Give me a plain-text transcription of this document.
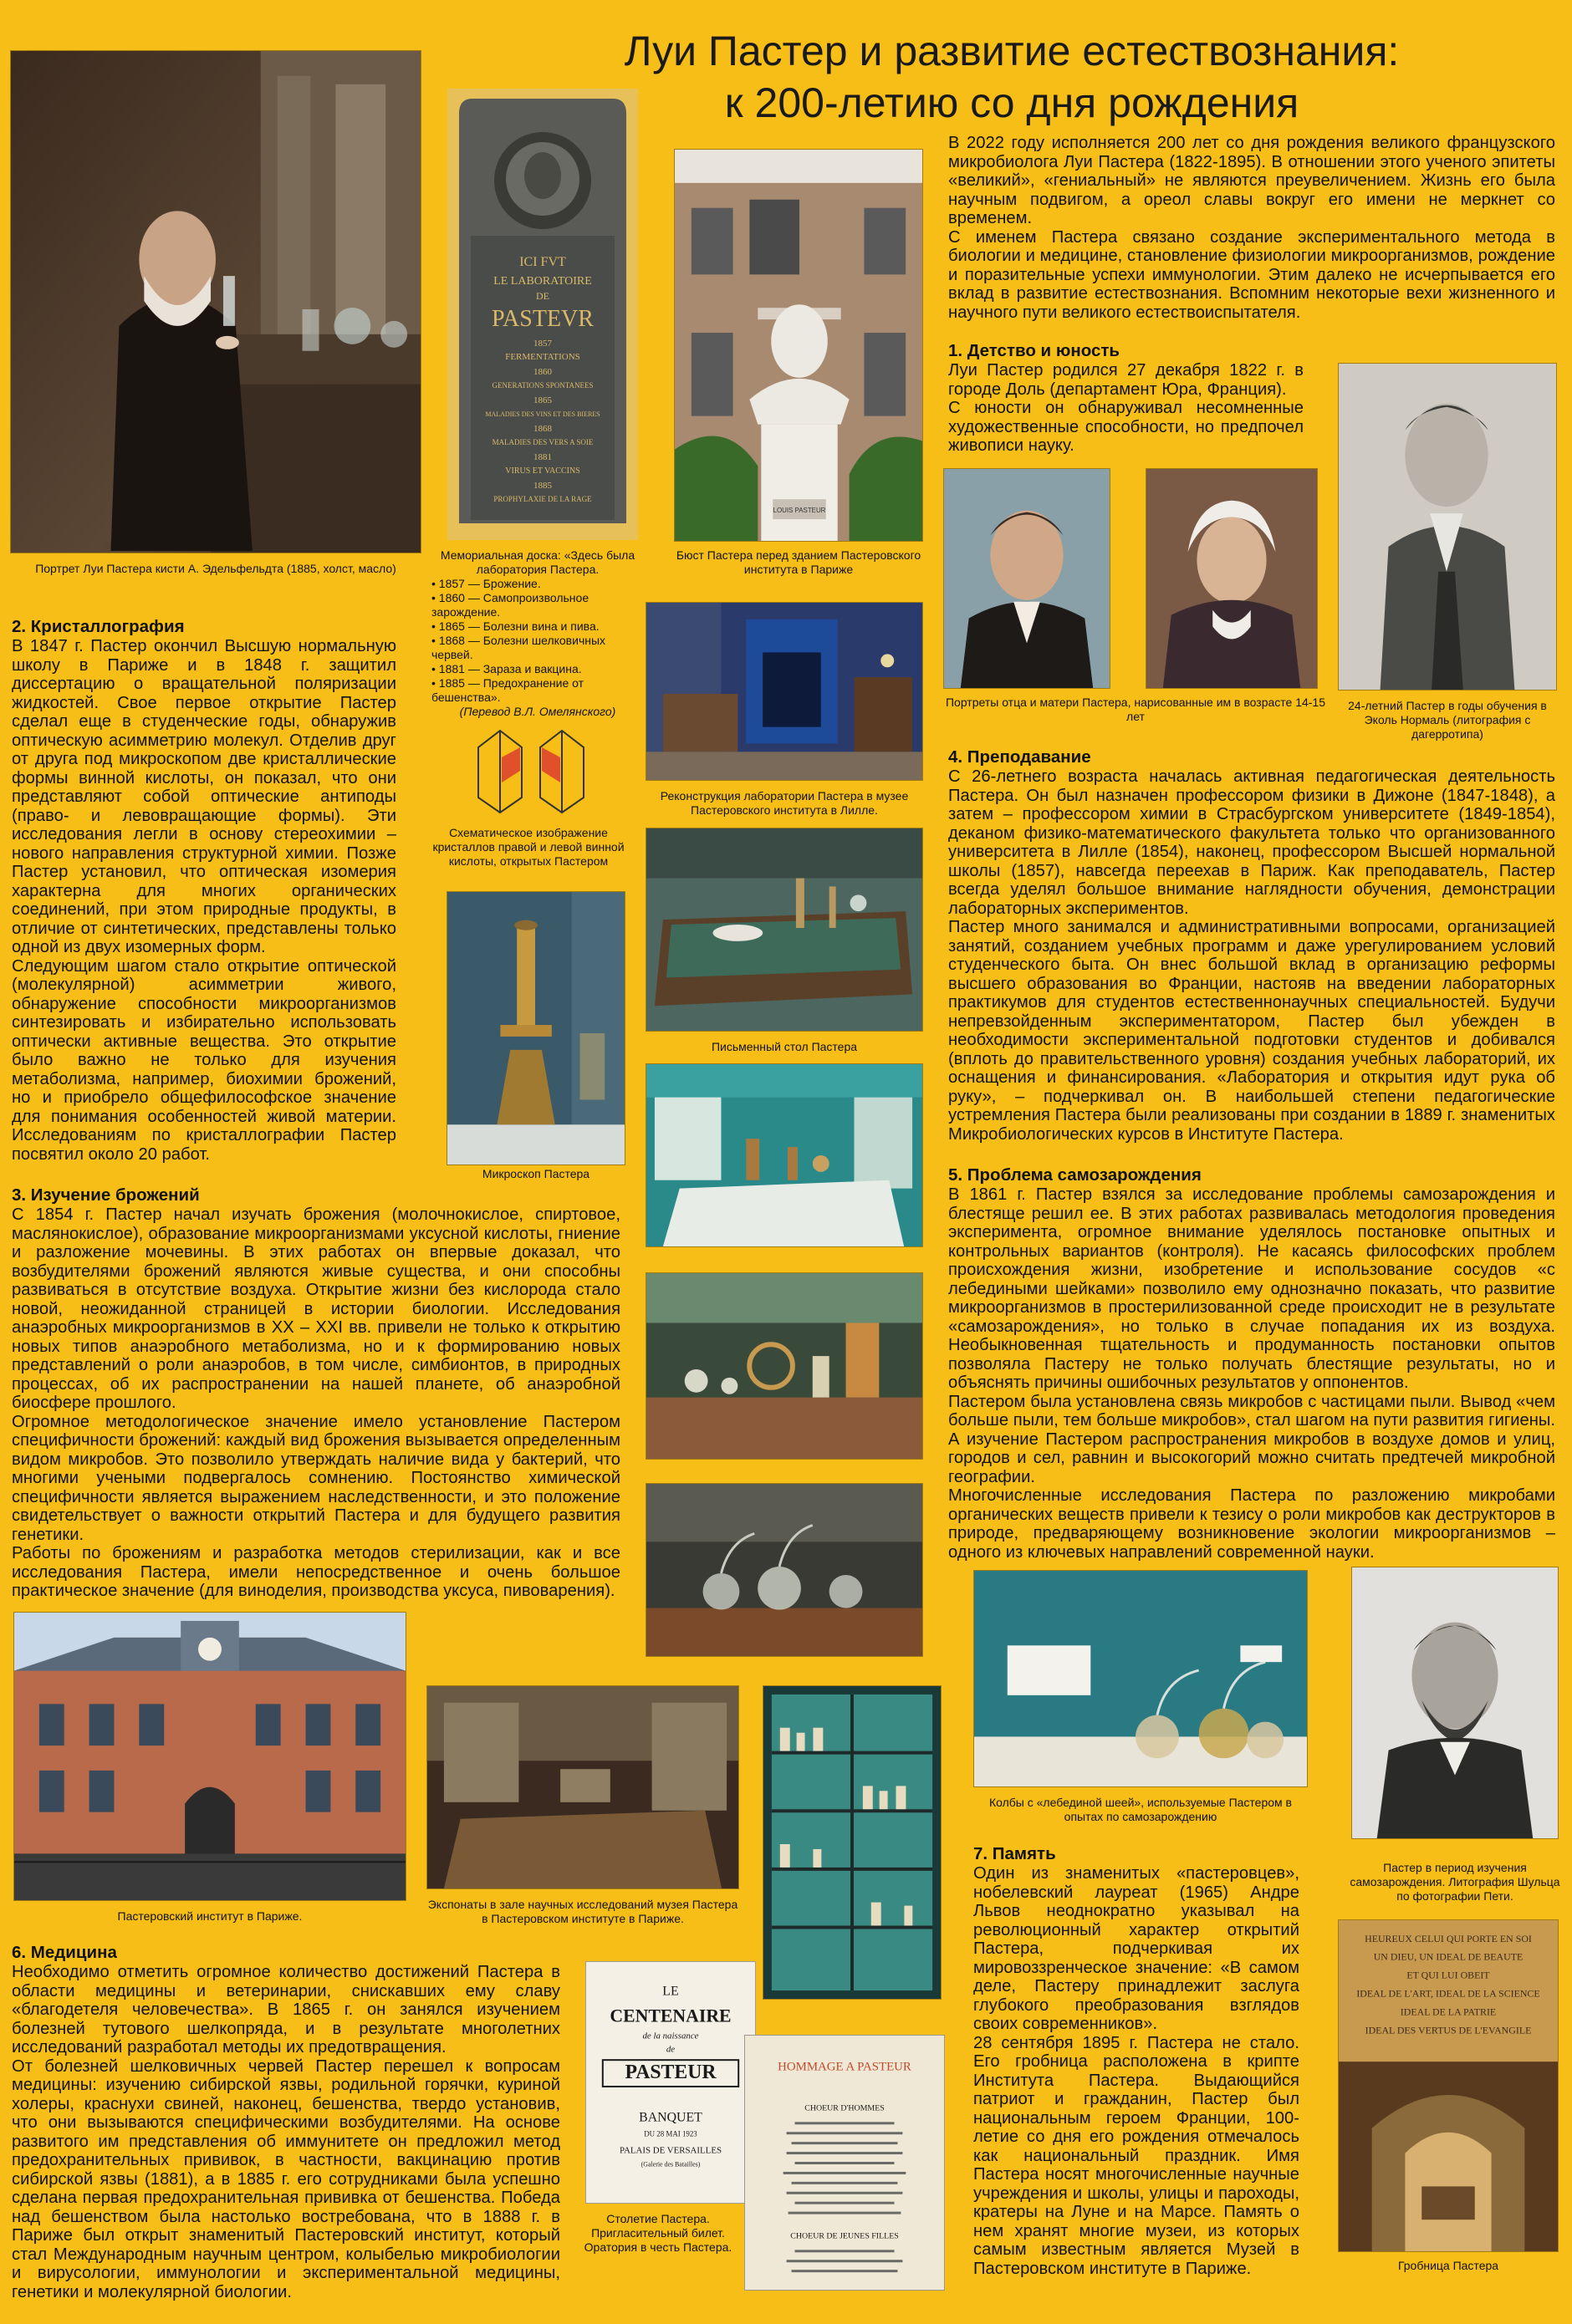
Луи Пастер и развитие естествознания:
к 200-летию со дня рождения
Портрет Луи Пастера кисти А. Эдельфельдта (1885, холст, масло)
ICI FVT
LE LABORATOIRE
DE
PASTEVR
1857
FERMENTATIONS
1860
GENERATIONS SPONTANEES
1865
MALADIES DES VINS ET DES BIERES
1868
MALADIES DES VERS A SOIE
1881
VIRUS ET VACCINS
1885
PROPHYLAXIE DE LA RAGE
Мемориальная доска: «Здесь была лаборатория Пастера.
• 1857 — Брожение.
• 1860 — Самопроизвольное зарождение.
• 1865 — Болезни вина и пива.
• 1868 — Болезни шелковичных червей.
• 1881 — Зараза и вакцина.
• 1885 — Предохранение от бешенства».
(Перевод В.Л. Омелянского)
LOUIS PASTEUR
Бюст Пастера перед зданием Пастеровского института в Париже

В 2022 году исполняется 200 лет со дня рождения великого французского микробиолога Луи Пастера (1822-1895). В отношении этого ученого эпитеты «великий», «гениальный» не являются преувеличением. Жизнь его была научным подвигом, а ореол славы вокруг его имени не меркнет со временем.

С именем Пастера связано создание экспериментального метода в биологии и медицине, становление физиологии микроорганизмов, рождение и поразительные успехи иммунологии. Этим далеко не исчерпывается его вклад в развитие естествознания. Вспомним некоторые вехи жизненного и научного пути великого естествоиспытателя.

1. Детство и юность

Луи Пастер родился 27 декабря 1822 г. в городе Доль (департамент Юра, Франция).

С юности он обнаруживал несомненные художественные способности, но предпочел живописи науку.

24-летний Пастер в годы обучения в Эколь Нормаль (литография с дагерротипа)
Портреты отца и матери Пастера, нарисованные им в возрасте 14-15 лет
Реконструкция лаборатории Пастера в музее Пастеровского института в Лилле.
Схематическое изображение кристаллов правой и левой винной кислоты, открытых Пастером
Письменный стол Пастера
Микроскоп Пастера
2. Кристаллография

В 1847 г. Пастер окончил Высшую нормальную школу в Париже и в 1848 г. защитил диссертацию о вращательной поляризации жидкостей. Свое первое открытие Пастер сделал еще в студенческие годы, обнаружив оптическую асимметрию молекул. Отделив друг от друга под микроскопом две кристаллические формы винной кислоты, он показал, что они представляют собой оптические антиподы (право- и левовращающие формы). Эти исследования легли в основу стереохимии – нового направления структурной химии. Позже Пастер установил, что оптическая изомерия характерна для многих органических соединений, при этом природные продукты, в отличие от синтетических, представлены только одной из двух изомерных форм.

Следующим шагом стало открытие оптической (молекулярной) асимметрии живого, обнаружение способности микроорганизмов синтезировать и избирательно использовать оптически активные вещества. Это открытие было важно не только для изучения метаболизма, например, биохимии брожений, но и приобрело общефилософское значение для понимания особенностей живой материи. Исследованиям по кристаллографии Пастер посвятил около 20 работ.

3. Изучение брожений

С 1854 г. Пастер начал изучать брожения (молочнокислое, спиртовое, маслянокислое), образование микроорганизмами уксусной кислоты, гниение и разложение мочевины. В этих работах он впервые доказал, что возбудителями брожений являются живые существа, и они способны развиваться в отсутствие воздуха. Открытие жизни без кислорода стало новой, неожиданной страницей в истории биологии. Исследования анаэробных микроорганизмов в XX – XXI вв. привели не только к открытию новых типов анаэробного метаболизма, но и к формированию новых представлений о роли анаэробов, в том числе, симбионтов, в природных процессах, об их распространении на нашей планете, об анаэробной биосфере прошлого.

Огромное методологическое значение имело установление Пастером специфичности брожений: каждый вид брожения вызывается определенным видом микробов. Это позволило утверждать наличие вида у бактерий, что многими учеными подвергалось сомнению. Постоянство химической специфичности является выражением наследственности, и это положение свидетельствует о важности открытий Пастера и для будущего развития генетики.

Работы по брожениям и разработка методов стерилизации, как и все исследования Пастера, имели непосредственное и очень большое практическое значение (для виноделия, производства уксуса, пивоварения).

4. Преподавание

С 26-летнего возраста началась активная педагогическая деятельность Пастера. Он был назначен профессором физики в Дижоне (1847-1848), а затем – профессором химии в Страсбургском университете (1849-1854), деканом физико-математического факультета только что организованного университета в Лилле (1854), наконец, профессором Высшей нормальной школы (1857), навсегда переехав в Париж. Как преподаватель, Пастер всегда уделял большое внимание наглядности обучения, демонстрации лабораторных экспериментов.

Пастер много занимался и административными вопросами, организацией занятий, созданием учебных программ и даже урегулированием условий студенческого быта. Он внес большой вклад в организацию реформы высшего образования во Франции, настояв на введении лабораторных практикумов для студентов естественнонаучных специальностей. Будучи непревзойденным экспериментатором, Пастер был убежден в необходимости экспериментальной подготовки студентов и добивался (вплоть до правительственного уровня) создания учебных лабораторий, их оснащения и финансирования. «Лаборатория и открытия идут рука об руку», – подчеркивал он. В наибольшей степени педагогические устремления Пастера были реализованы при создании в 1889 г. знаменитых Микробиологических курсов в Институте Пастера.

5. Проблема самозарождения

В 1861 г. Пастер взялся за исследование проблемы самозарождения и блестяще решил ее. В этих работах развивалась методология проведения эксперимента, огромное внимание уделялось постановке опытных и контрольных вариантов (контроля). Не касаясь философских проблем происхождения жизни, изобретение и использование сосудов «с лебедиными шейками» позволило ему однозначно показать, что развитие микроорганизмов в простерилизованной среде происходит не в результате «самозарождения», но только в случае попадания их из воздуха. Необыкновенная тщательность и продуманность постановки опытов позволяла Пастеру не только получать блестящие результаты, но и объяснять причины ошибочных результатов у оппонентов.

Пастером была установлена связь микробов с частицами пыли. Вывод «чем больше пыли, тем больше микробов», стал шагом на пути развития гигиены. А изучение Пастером распространения микробов в воздухе домов и улиц, городов и сел, равнин и высокогорий можно считать предтечей микробной географии.

Многочисленные исследования Пастера по разложению микробами органических веществ привели к тезису о роли микробов как деструкторов в природе, предваряющему возникновение экологии микроорганизмов – одного из ключевых направлений современной науки.

Пастеровский институт в Париже.
Экспонаты в зале научных исследований музея Пастера в Пастеровском институте в Париже.
6. Медицина

Необходимо отметить огромное количество достижений Пастера в области медицины и ветеринарии, снискавших ему славу «благодетеля человечества». В 1865 г. он занялся изучением болезней тутового шелкопряда, и в результате многолетних исследований разработал методы их предотвращения.

От болезней шелковичных червей Пастер перешел к вопросам медицины: изучению сибирской язвы, родильной горячки, куриной холеры, краснухи свиней, наконец, бешенства, твердо установив, что они вызываются специфическими возбудителями. На основе развитого им представления об иммунитете он предложил метод предохранительных прививок, в частности, вакцинацию против сибирской язвы (1881), а в 1885 г. его сотрудниками была успешно сделана первая предохранительная прививка от бешенства. Победа над бешенством была настолько востребована, что в 1888 г. в Париже был открыт знаменитый Пастеровский институт, который стал Международным научным центром, колыбелью микробиологии и вирусологии, иммунологии и экспериментальной медицины, генетики и молекулярной биологии.

LE
CENTENAIRE
de la naissance
de
PASTEUR
BANQUET
DU 28 MAI 1923
PALAIS DE VERSAILLES
(Galerie des Batailles)
HOMMAGE A PASTEUR
CHOEUR D'HOMMES
CHOEUR DE JEUNES FILLES
Столетие Пастера. Пригласительный билет. Оратория в честь Пастера.
Колбы с «лебединой шеей», используемые Пастером в опытах по самозарождению
Пастер в период изучения самозарождения. Литография Шульца по фотографии Пети.
7. Память

Один из знаменитых «пастеровцев», нобелевский лауреат (1965) Андре Львов неоднократно указывал на революционный характер открытий Пастера, подчеркивая их мировоззренческое значение: «В самом деле, Пастеру принадлежит заслуга глубокого преобразования взглядов своих современников».

28 сентября 1895 г. Пастера не стало. Его гробница расположена в крипте Института Пастера. Выдающийся патриот и гражданин, Пастер был национальным героем Франции, 100-летие со дня его рождения отмечалось как национальный праздник. Имя Пастера носят многочисленные научные учреждения и школы, улицы и пароходы, кратеры на Луне и на Марсе. Память о нем хранят многие музеи, из которых самым известным является Музей в Пастеровском институте в Париже.

HEUREUX CELUI QUI PORTE EN SOI
UN DIEU, UN IDEAL DE BEAUTE
ET QUI LUI OBEIT
IDEAL DE L'ART, IDEAL DE LA SCIENCE
IDEAL DE LA PATRIE
IDEAL DES VERTUS DE L'EVANGILE
Гробница Пастера
